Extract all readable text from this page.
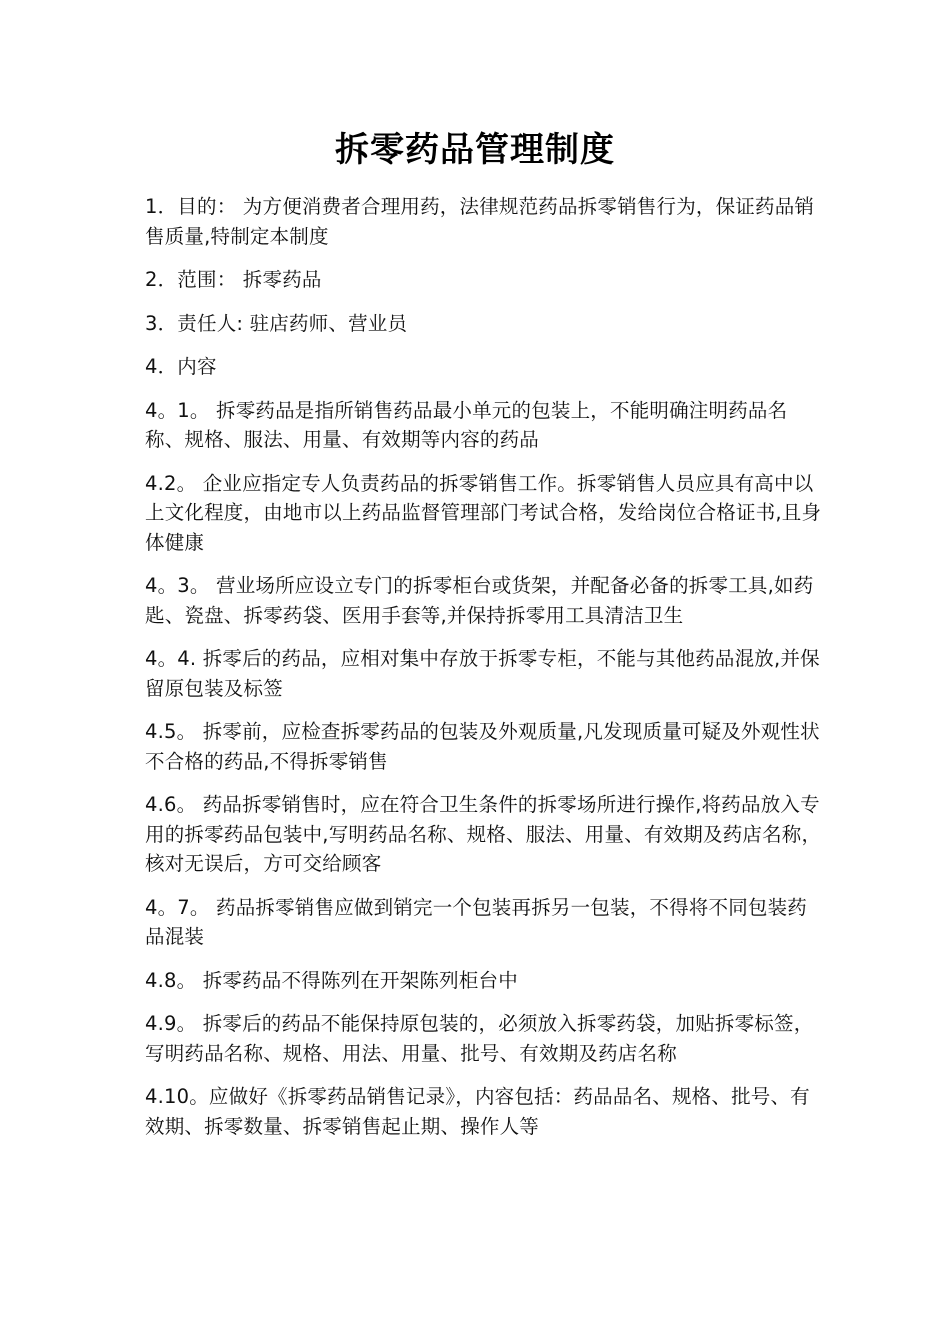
拆零药品管理制度

1．目的： 为方便消费者合理用药，法律规范药品拆零销售行为，保证药品销售质量,特制定本制度

2．范围： 拆零药品

3．责任人: 驻店药师、营业员

4．内容

4。1。 拆零药品是指所销售药品最小单元的包装上，不能明确注明药品名称、规格、服法、用量、有效期等内容的药品

4.2。 企业应指定专人负责药品的拆零销售工作。拆零销售人员应具有高中以上文化程度，由地市以上药品监督管理部门考试合格，发给岗位合格证书,且身体健康

4。3。 营业场所应设立专门的拆零柜台或货架，并配备必备的拆零工具,如药匙、瓷盘、拆零药袋、医用手套等,并保持拆零用工具清洁卫生

4。4. 拆零后的药品，应相对集中存放于拆零专柜，不能与其他药品混放,并保留原包装及标签

4.5。 拆零前，应检查拆零药品的包装及外观质量,凡发现质量可疑及外观性状不合格的药品,不得拆零销售

4.6。 药品拆零销售时，应在符合卫生条件的拆零场所进行操作,将药品放入专用的拆零药品包装中,写明药品名称、规格、服法、用量、有效期及药店名称，核对无误后，方可交给顾客

4。7。 药品拆零销售应做到销完一个包装再拆另一包装，不得将不同包装药品混装

4.8。 拆零药品不得陈列在开架陈列柜台中

4.9。 拆零后的药品不能保持原包装的，必须放入拆零药袋，加贴拆零标签，写明药品名称、规格、用法、用量、批号、有效期及药店名称

4.10。应做好《拆零药品销售记录》，内容包括：药品品名、规格、批号、有效期、拆零数量、拆零销售起止期、操作人等
